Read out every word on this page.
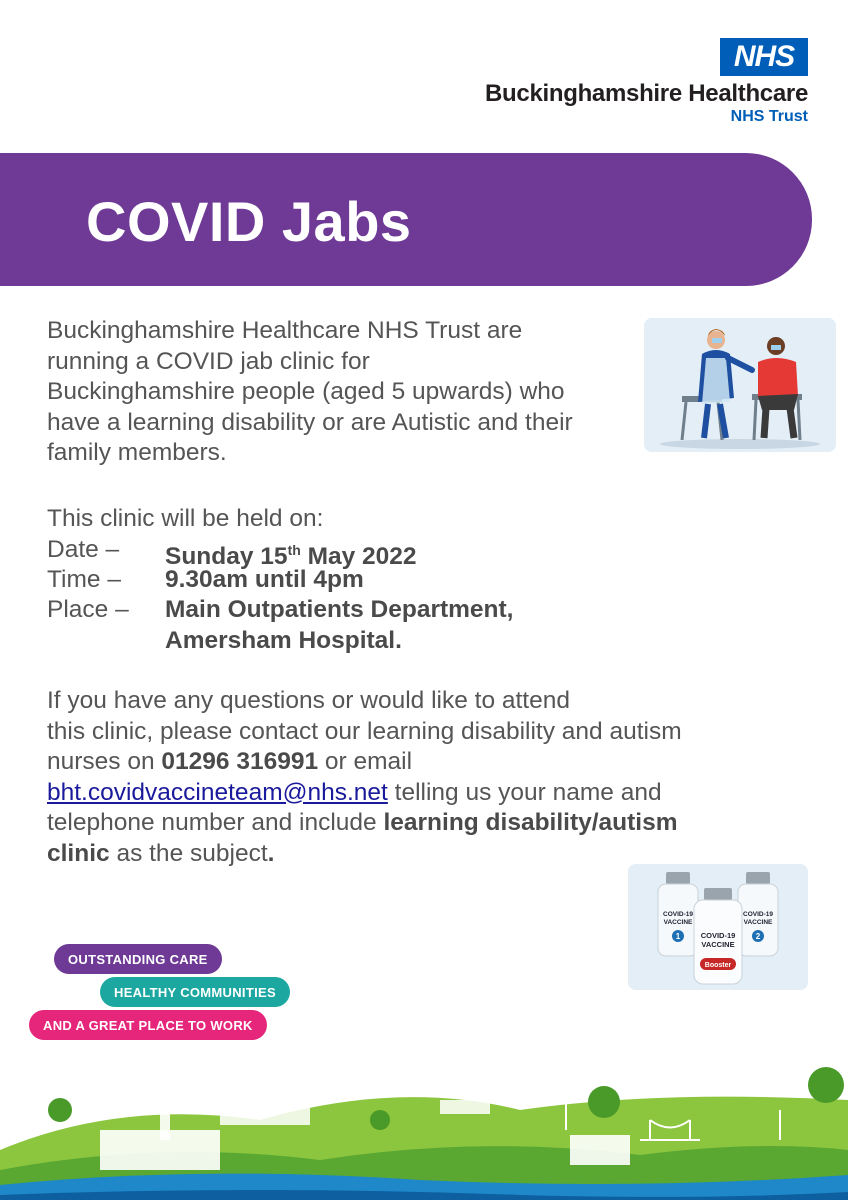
NHS
Buckinghamshire Healthcare
NHS Trust
COVID Jabs
Buckinghamshire Healthcare NHS Trust are
running a COVID jab clinic for
Buckinghamshire people (aged 5 upwards) who
have a learning disability or are Autistic and their
family members.
This clinic will be held on:
Date – Sunday 15th May 2022
Time – 9.30am until 4pm
Place – Main Outpatients Department,
Amersham Hospital.
If you have any questions or would like to attend
this clinic, please contact our learning disability and autism
nurses on 01296 316991 or email
bht.covidvaccineteam@nhs.net telling us your name and
telephone number and include learning disability/autism
clinic as the subject.
COVID-19
VACCINE
1
COVID-19
VACCINE
2
COVID-19
VACCINE
Booster
OUTSTANDING CARE
HEALTHY COMMUNITIES
AND A GREAT PLACE TO WORK
